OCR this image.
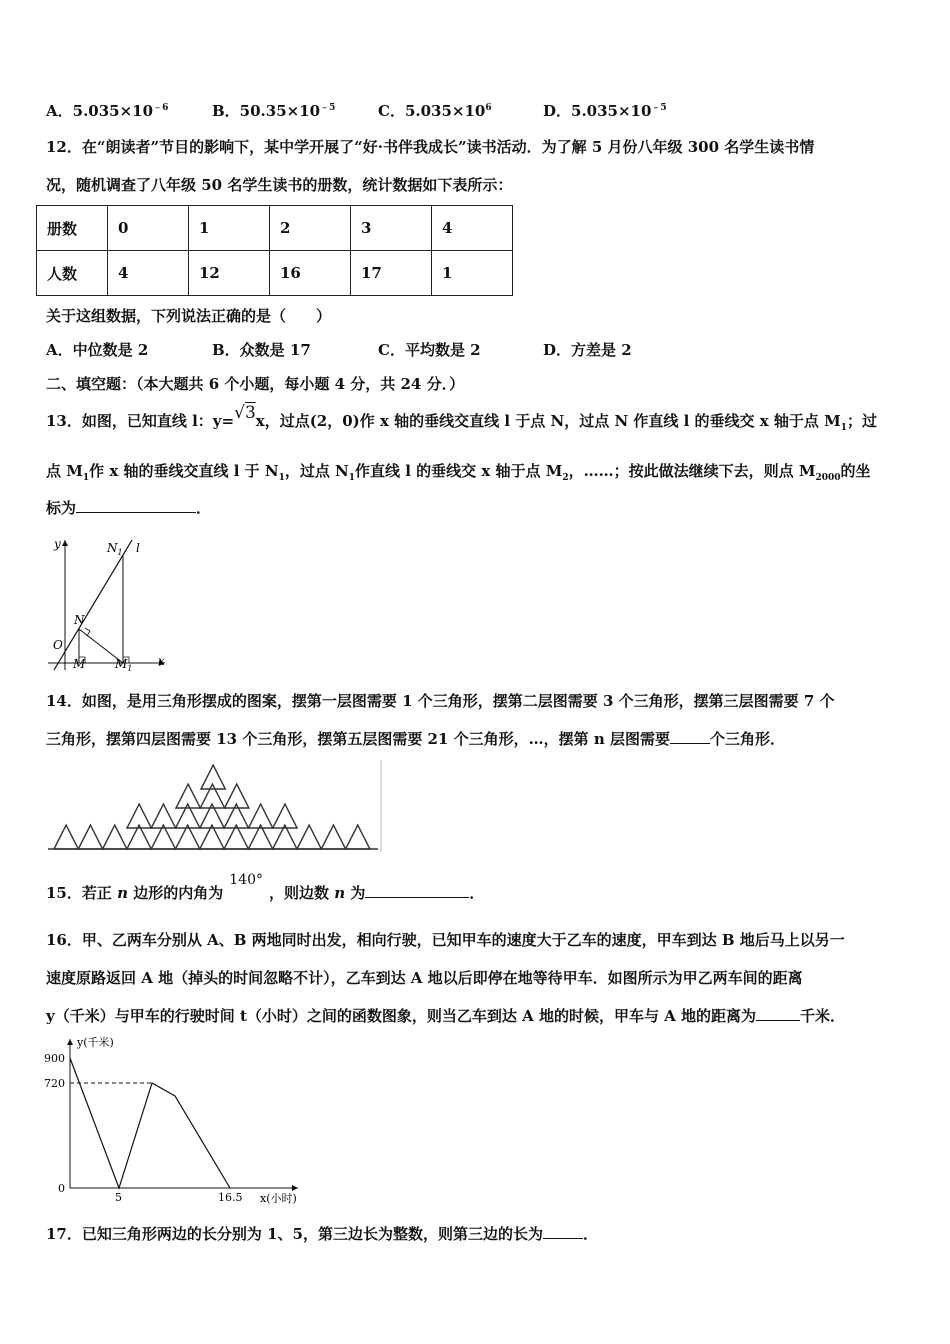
A．$5.035\times 10^{﹣6}$	B．$50.35\times 10^{﹣5}$	C．$5.035\times 10^6$	D．$5.035\times 10^{﹣5}$
12．在“朗读者”节目的影响下，某中学开展了“好·书伴我成长”读书活动．为了解 5 月份八年级 300 名学生读书情
况，随机调查了八年级 50 名学生读书的册数，统计数据如下表所示：
册数	0	1	2	3	4
人数	4	12	16	17	1
关于这组数据，下列说法正确的是（　　）
A．中位数是 2	B．众数是 17	C．平均数是 2	D．方差是 2
二、填空题：（本大题共 6 个小题，每小题 4 分，共 24 分．）
13．如图，已知直线 l：y=√3x，过点(2，0)作 x 轴的垂线交直线 l 于点 N，过点 N 作直线 l 的垂线交 x 轴于点 $M_1$；过
点 $M_1$作 x 轴的垂线交直线 l 于 $N_1$，过点 $N_1$作直线 l 的垂线交 x 轴于点 $M_2$，……；按此做法继续下去，则点 $M_{2000}$的坐
标为	．
y
x
O
N
$N_1$ l
M $M_1$
14．如图，是用三角形摆成的图案，摆第一层图需要 1 个三角形，摆第二层图需要 3 个三角形，摆第三层图需要 7 个
三角形，摆第四层图需要 13 个三角形，摆第五层图需要 21 个三角形，…，摆第 n 层图需要	个三角形．
15．若正 n 边形的内角为140°，则边数 n 为	．
16．甲、乙两车分别从 A、B 两地同时出发，相向行驶，已知甲车的速度大于乙车的速度，甲车到达 B 地后马上以另一
速度原路返回 A 地（掉头的时间忽略不计），乙车到达 A 地以后即停在地等待甲车．如图所示为甲乙两车间的距离
y（千米）与甲车的行驶时间 t（小时）之间的函数图象，则当乙车到达 A 地的时候，甲车与 A 地的距离为	千米．
y(千米)
x(小时)
900
720
0
5	16.5
17．已知三角形两边的长分别为 1、5，第三边长为整数，则第三边的长为	．
